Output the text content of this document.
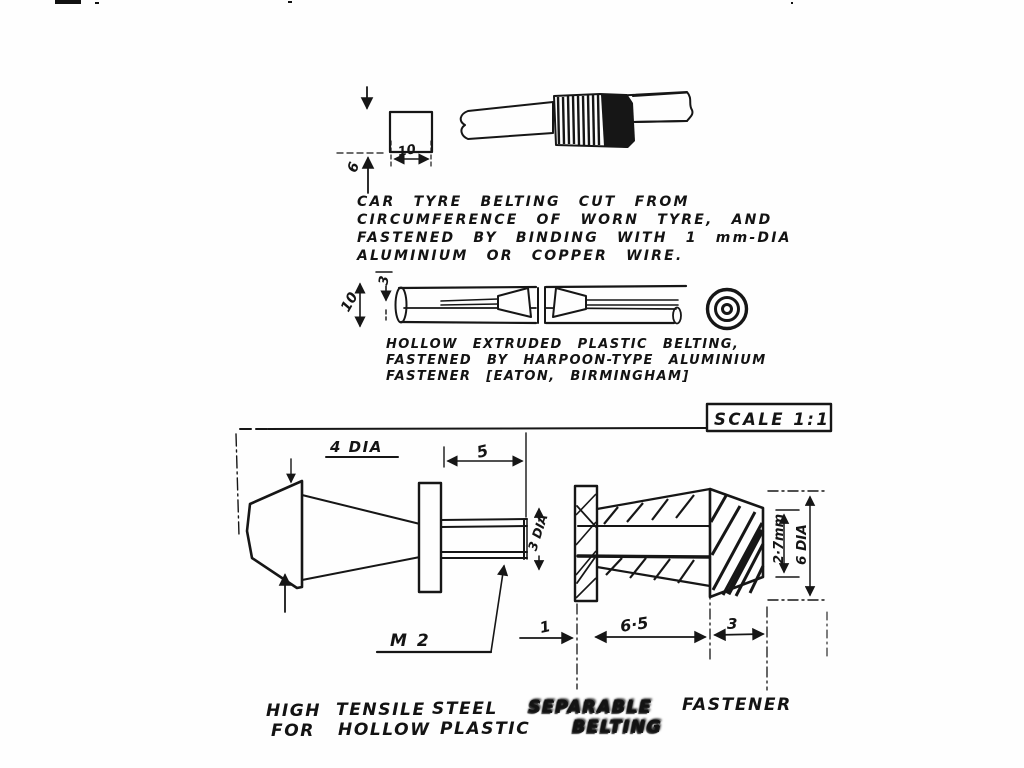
6
10
10
3
SCALE 1:1
4 DIA	5
3 DIA
M 2
2·7mm 6 DIA
1	6·5	3
CAR TYRE BELTING CUT FROM
CIRCUMFERENCE OF WORN TYRE, AND
FASTENED BY BINDING WITH 1 mm-DIA
ALUMINIUM OR COPPER WIRE.
HOLLOW EXTRUDED PLASTIC BELTING,
FASTENED BY HARPOON-TYPE ALUMINIUM
FASTENER [EATON, BIRMINGHAM]
HIGH TENSILE STEEL SEPARABLE FASTENER
FOR HOLLOW PLASTIC BELTING
